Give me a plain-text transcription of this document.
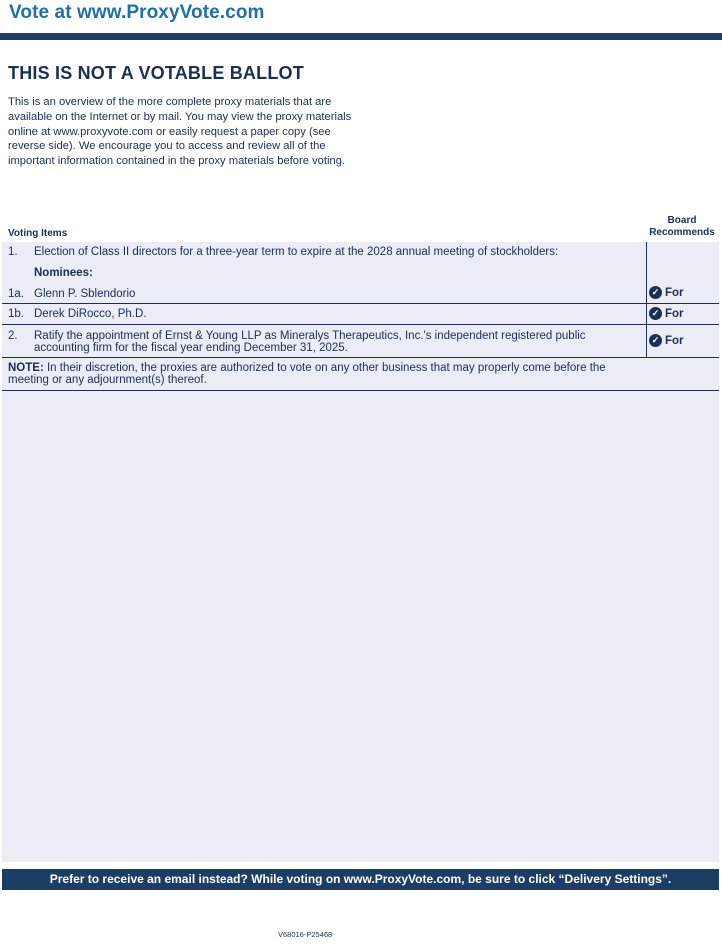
Vote at www.ProxyVote.com
THIS IS NOT A VOTABLE BALLOT
This is an overview of the more complete proxy materials that are available on the Internet or by mail. You may view the proxy materials online at www.proxyvote.com or easily request a paper copy (see reverse side). We encourage you to access and review all of the important information contained in the proxy materials before voting.
Voting Items
Board
Recommends
1. Election of Class II directors for a three-year term to expire at the 2028 annual meeting of stockholders:
Nominees:
1a. Glenn P. Sblendorio	✓ For
1b. Derek DiRocco, Ph.D.	✓ For
2. Ratify the appointment of Ernst & Young LLP as Mineralys Therapeutics, Inc.'s independent registered public accounting firm for the fiscal year ending December 31, 2025.
✓ For
NOTE: In their discretion, the proxies are authorized to vote on any other business that may properly come before the meeting or any adjournment(s) thereof.
Prefer to receive an email instead? While voting on www.ProxyVote.com, be sure to click “Delivery Settings”.
V68016-P25468
